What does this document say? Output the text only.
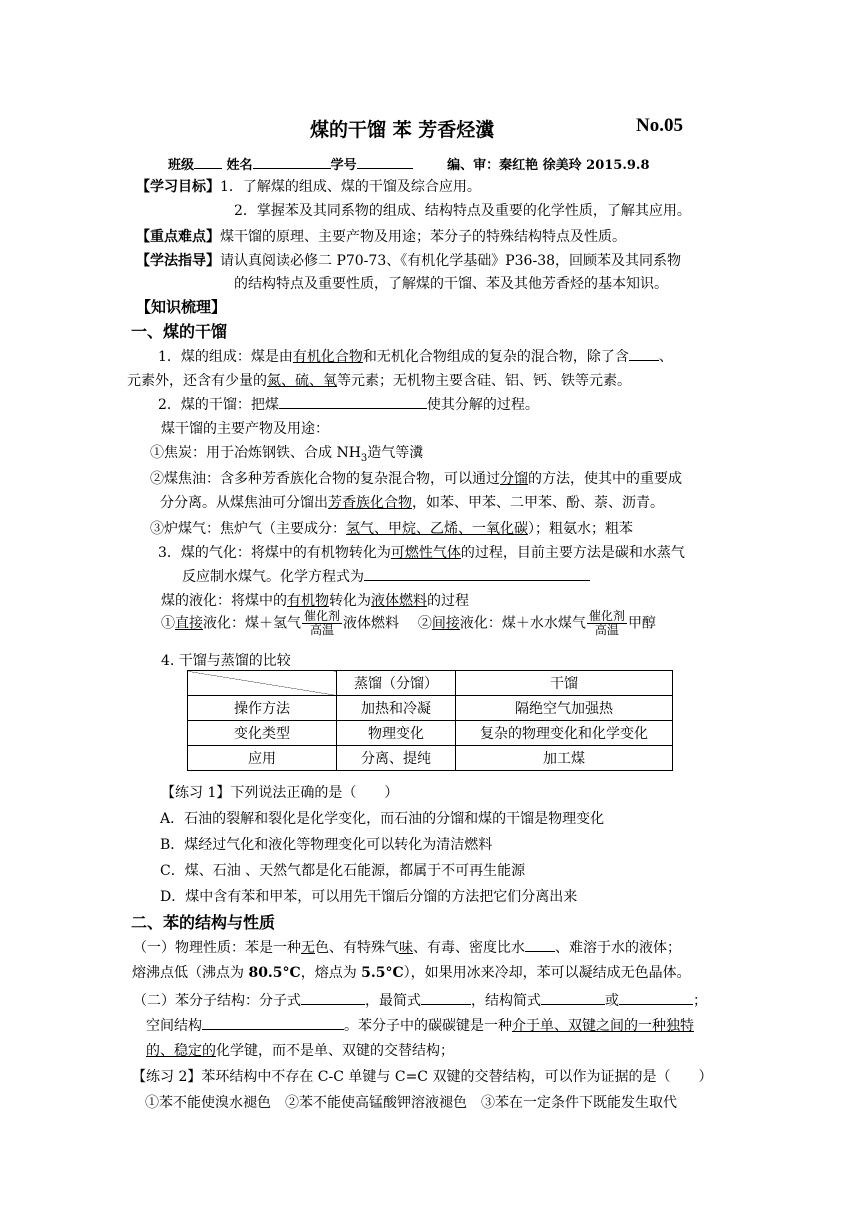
煤的干馏 苯 芳香烃瀵	No.05
班级	姓名	学号	编、审：秦红艳 徐美玲 2015.9.8
【学习目标】1．了解煤的组成、煤的干馏及综合应用。
2．掌握苯及其同系物的组成、结构特点及重要的化学性质，了解其应用。
【重点难点】煤干馏的原理、主要产物及用途；苯分子的特殊结构特点及性质。
【学法指导】请认真阅读必修二 P70-73、《有机化学基础》P36-38，回顾苯及其同系物
的结构特点及重要性质，了解煤的干馏、苯及其他芳香烃的基本知识。
【知识梳理】
一、煤的干馏
1．煤的组成：煤是由有机化合物和无机化合物组成的复杂的混合物，除了含 、
元素外，还含有少量的氮、硫、氧等元素；无机物主要含硅、铝、钙、铁等元素。
2．煤的干馏：把煤	使其分解的过程。
煤干馏的主要产物及用途：
①焦炭：用于冶炼钢铁、合成 $NH_3$造气等瀵
②煤焦油：含多种芳香族化合物的复杂混合物，可以通过分馏的方法，使其中的重要成
分分离。从煤焦油可分馏出芳香族化合物，如苯、甲苯、二甲苯、酚、萘、沥青。
③炉煤气：焦炉气（主要成分：氢气、甲烷、乙烯、一氧化碳）；粗氨水；粗苯
3．煤的气化：将煤中的有机物转化为可燃性气体的过程，目前主要方法是碳和水蒸气
反应制水煤气。化学方程式为
煤的液化：将煤中的有机物转化为液体燃料的过程
①直接液化：煤＋氢气 $\frac{\text{催化剂}}{\text{高温}}$ 液体燃料 ②间接液化：煤＋水水煤气 $\frac{\text{催化剂}}{\text{高温}}$ 甲醇
4. 干馏与蒸馏的比较
	蒸馏（分馏）	干馏
操作方法	加热和冷凝	隔绝空气加强热
变化类型	物理变化	复杂的物理变化和化学变化
应用	分离、提纯	加工煤
【练习 1】下列说法正确的是（　　）
A．石油的裂解和裂化是化学变化，而石油的分馏和煤的干馏是物理变化
B．煤经过气化和液化等物理变化可以转化为清洁燃料
C．煤、石油 、天然气都是化石能源，都属于不可再生能源
D．煤中含有苯和甲苯，可以用先干馏后分馏的方法把它们分离出来
二、苯的结构与性质
（一）物理性质：苯是一种无色、有特殊气味、有毒、密度比水 、难溶于水的液体；
熔沸点低（沸点为 80.5°C，熔点为 5.5°C），如果用冰来冷却，苯可以凝结成无色晶体。
（二）苯分子结构：分子式	，最简式	，结构简式	或	；
空间结构	。苯分子中的碳碳键是一种介于单、双键之间的一种独特
的、稳定的化学键，而不是单、双键的交替结构；
【练习 2】苯环结构中不存在 C-C 单键与 C=C 双键的交替结构，可以作为证据的是（　　）
①苯不能使溴水褪色　②苯不能使高锰酸钾溶液褪色　③苯在一定条件下既能发生取代
